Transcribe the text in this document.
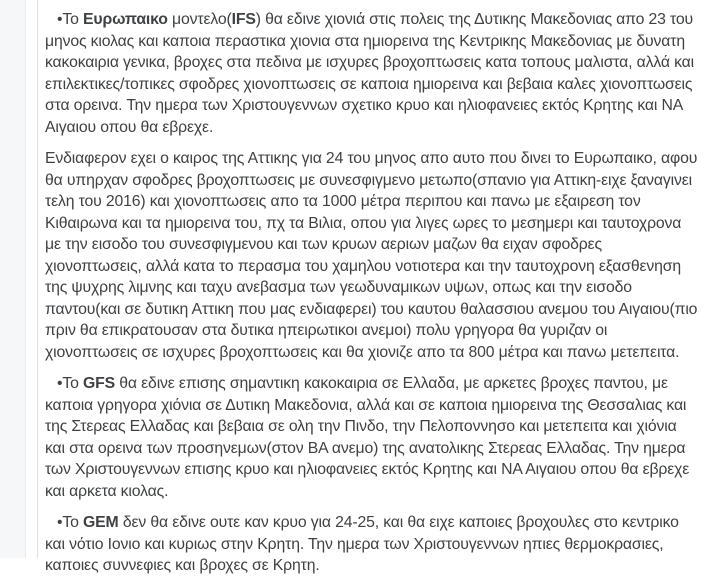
•Το Ευρωπαικο μοντελο(IFS) θα εδινε χιονιά στις πολεις της Δυτικης Μακεδονιας απο 23 του μηνος κιολας και καποια περαστικα χιονια στα ημιορεινα της Κεντρικης Μακεδονιας με δυνατη κακοκαιρια γενικα, βροχες στα πεδινα με ισχυρες βροχοπτωσεις κατα τοπους μαλιστα, αλλά και επιλεκτικες/τοπικες σφοδρες χιονοπτωσεις σε καποια ημιορεινα και βεβαια καλες χιονοπτωσεις στα ορεινα. Την ημερα των Χριστουγεννων σχετικο κρυο και ηλιοφανειες εκτός Κρητης και ΝΑ Αιγαιου οπου θα εβρεχε.

Ενδιαφερον εχει ο καιρος της Αττικης για 24 του μηνος απο αυτο που δινει το Ευρωπαικο, αφου θα υπηρχαν σφοδρες βροχοπτωσεις με συνεσφιγμενο μετωπο(σπανιο για Αττικη-ειχε ξαναγινει τελη του 2016) και χιονοπτωσεις απο τα 1000 μέτρα περιπου και πανω με εξαιρεση τον Κιθαιρωνα και τα ημιορεινα του, πχ τα Βιλια, οπου για λιγες ωρες το μεσημερι και ταυτοχρονα με την εισοδο του συνεσφιγμενου και των κρυων αεριων μαζων θα ειχαν σφοδρες χιονοπτωσεις, αλλά κατα το περασμα του χαμηλου νοτιοτερα και την ταυτοχρονη εξασθενηση της ψυχρης λιμνης και ταχυ ανεβασμα των γεωδυναμικων υψων, οπως και την εισοδο παντου(και σε δυτικη Αττικη που μας ενδιαφερει) του καυτου θαλασσιου ανεμου του Αιγαιου(πιο πριν θα επικρατουσαν στα δυτικα ηπειρωτικοι ανεμοι) πολυ γρηγορα θα γυριζαν οι χιονοπτωσεις σε ισχυρες βροχοπτωσεις και θα χιονιζε απο τα 800 μέτρα και πανω μετεπειτα.

•Το GFS θα εδινε επισης σημαντικη κακοκαιρια σε Ελλαδα, με αρκετες βροχες παντου, με καποια γρηγορα χιόνια σε Δυτικη Μακεδονια, αλλά και σε καποια ημιορεινα της Θεσσαλιας και της Στερεας Ελλαδας και βεβαια σε ολη την Πινδο, την Πελοποννησο και μετεπειτα και χιόνια και στα ορεινα των προσηνεμων(στον ΒΑ ανεμο) της ανατολικης Στερεας Ελλαδας. Την ημερα των Χριστουγεννων επισης κρυο και ηλιοφανειες εκτός Κρητης και ΝΑ Αιγαιου οπου θα εβρεχε και αρκετα κιολας.

•Το GEM δεν θα εδινε ουτε καν κρυο για 24-25, και θα ειχε καποιες βροχουλες στο κεντρικο και νότιο Ιονιο και κυριως στην Κρητη. Την ημερα των Χριστουγεννων ηπιες θερμοκρασιες, καποιες συννεφιες και βροχες σε Κρητη.
